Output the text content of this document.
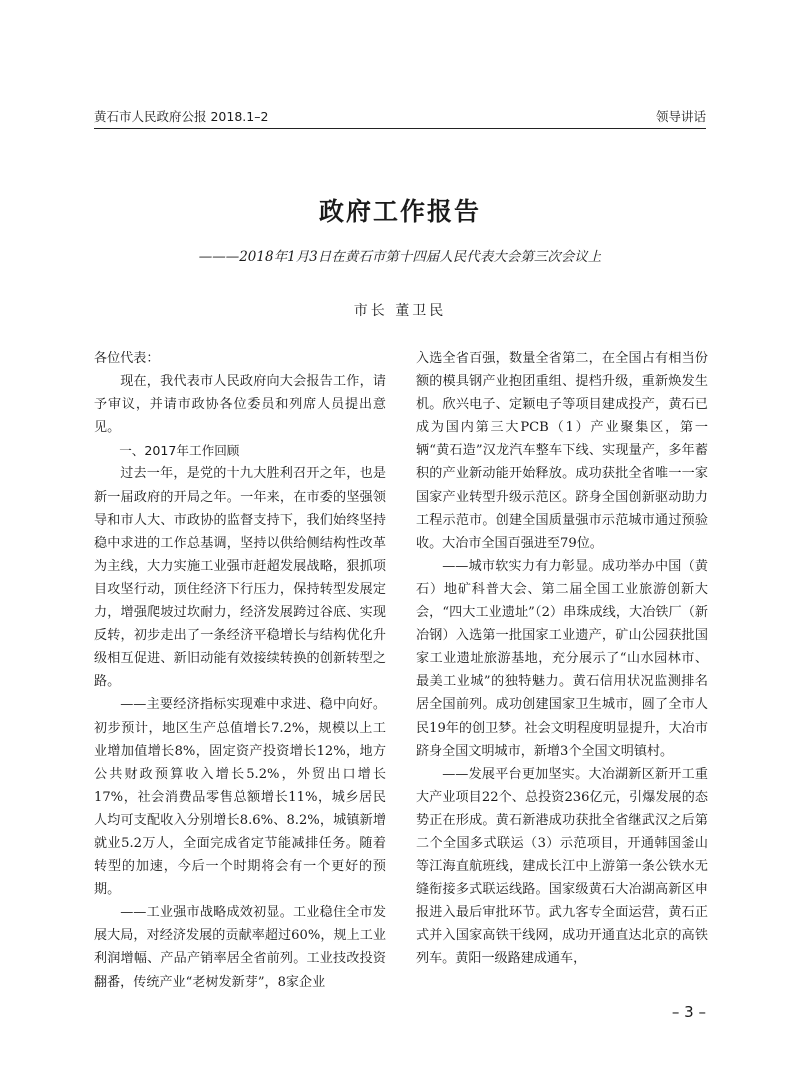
黄石市人民政府公报 2018.1–2	领导讲话
政府工作报告
———2018年1月3日在黄石市第十四届人民代表大会第三次会议上
市长 董卫民

各位代表：

现在，我代表市人民政府向大会报告工作，请予审议，并请市政协各位委员和列席人员提出意见。

一、2017年工作回顾

过去一年，是党的十九大胜利召开之年，也是新一届政府的开局之年。一年来，在市委的坚强领导和市人大、市政协的监督支持下，我们始终坚持稳中求进的工作总基调，坚持以供给侧结构性改革为主线，大力实施工业强市赶超发展战略，狠抓项目攻坚行动，顶住经济下行压力，保持转型发展定力，增强爬坡过坎耐力，经济发展跨过谷底、实现反转，初步走出了一条经济平稳增长与结构优化升级相互促进、新旧动能有效接续转换的创新转型之路。

——主要经济指标实现难中求进、稳中向好。初步预计，地区生产总值增长7.2%，规模以上工业增加值增长8%，固定资产投资增长12%，地方公共财政预算收入增长5.2%，外贸出口增长17%，社会消费品零售总额增长11%，城乡居民人均可支配收入分别增长8.6%、8.2%，城镇新增就业5.2万人，全面完成省定节能减排任务。随着转型的加速，今后一个时期将会有一个更好的预期。

——工业强市战略成效初显。工业稳住全市发展大局，对经济发展的贡献率超过60%，规上工业利润增幅、产品产销率居全省前列。工业技改投资翻番，传统产业“老树发新芽”，8家企业

入选全省百强，数量全省第二，在全国占有相当份额的模具钢产业抱团重组、提档升级，重新焕发生机。欣兴电子、定颖电子等项目建成投产，黄石已成为国内第三大PCB（1）产业聚集区，第一辆“黄石造”汉龙汽车整车下线、实现量产，多年蓄积的产业新动能开始释放。成功获批全省唯一一家国家产业转型升级示范区。跻身全国创新驱动助力工程示范市。创建全国质量强市示范城市通过预验收。大冶市全国百强进至79位。

——城市软实力有力彰显。成功举办中国（黄石）地矿科普大会、第二届全国工业旅游创新大会，“四大工业遗址”（2）串珠成线，大冶铁厂（新冶钢）入选第一批国家工业遗产，矿山公园获批国家工业遗址旅游基地，充分展示了“山水园林市、最美工业城”的独特魅力。黄石信用状况监测排名居全国前列。成功创建国家卫生城市，圆了全市人民19年的创卫梦。社会文明程度明显提升，大冶市跻身全国文明城市，新增3个全国文明镇村。

——发展平台更加坚实。大冶湖新区新开工重大产业项目22个、总投资236亿元，引爆发展的态势正在形成。黄石新港成功获批全省继武汉之后第二个全国多式联运（3）示范项目，开通韩国釜山等江海直航班线，建成长江中上游第一条公铁水无缝衔接多式联运线路。国家级黄石大冶湖高新区申报进入最后审批环节。武九客专全面运营，黄石正式并入国家高铁干线网，成功开通直达北京的高铁列车。黄阳一级路建成通车，

– 3 –
